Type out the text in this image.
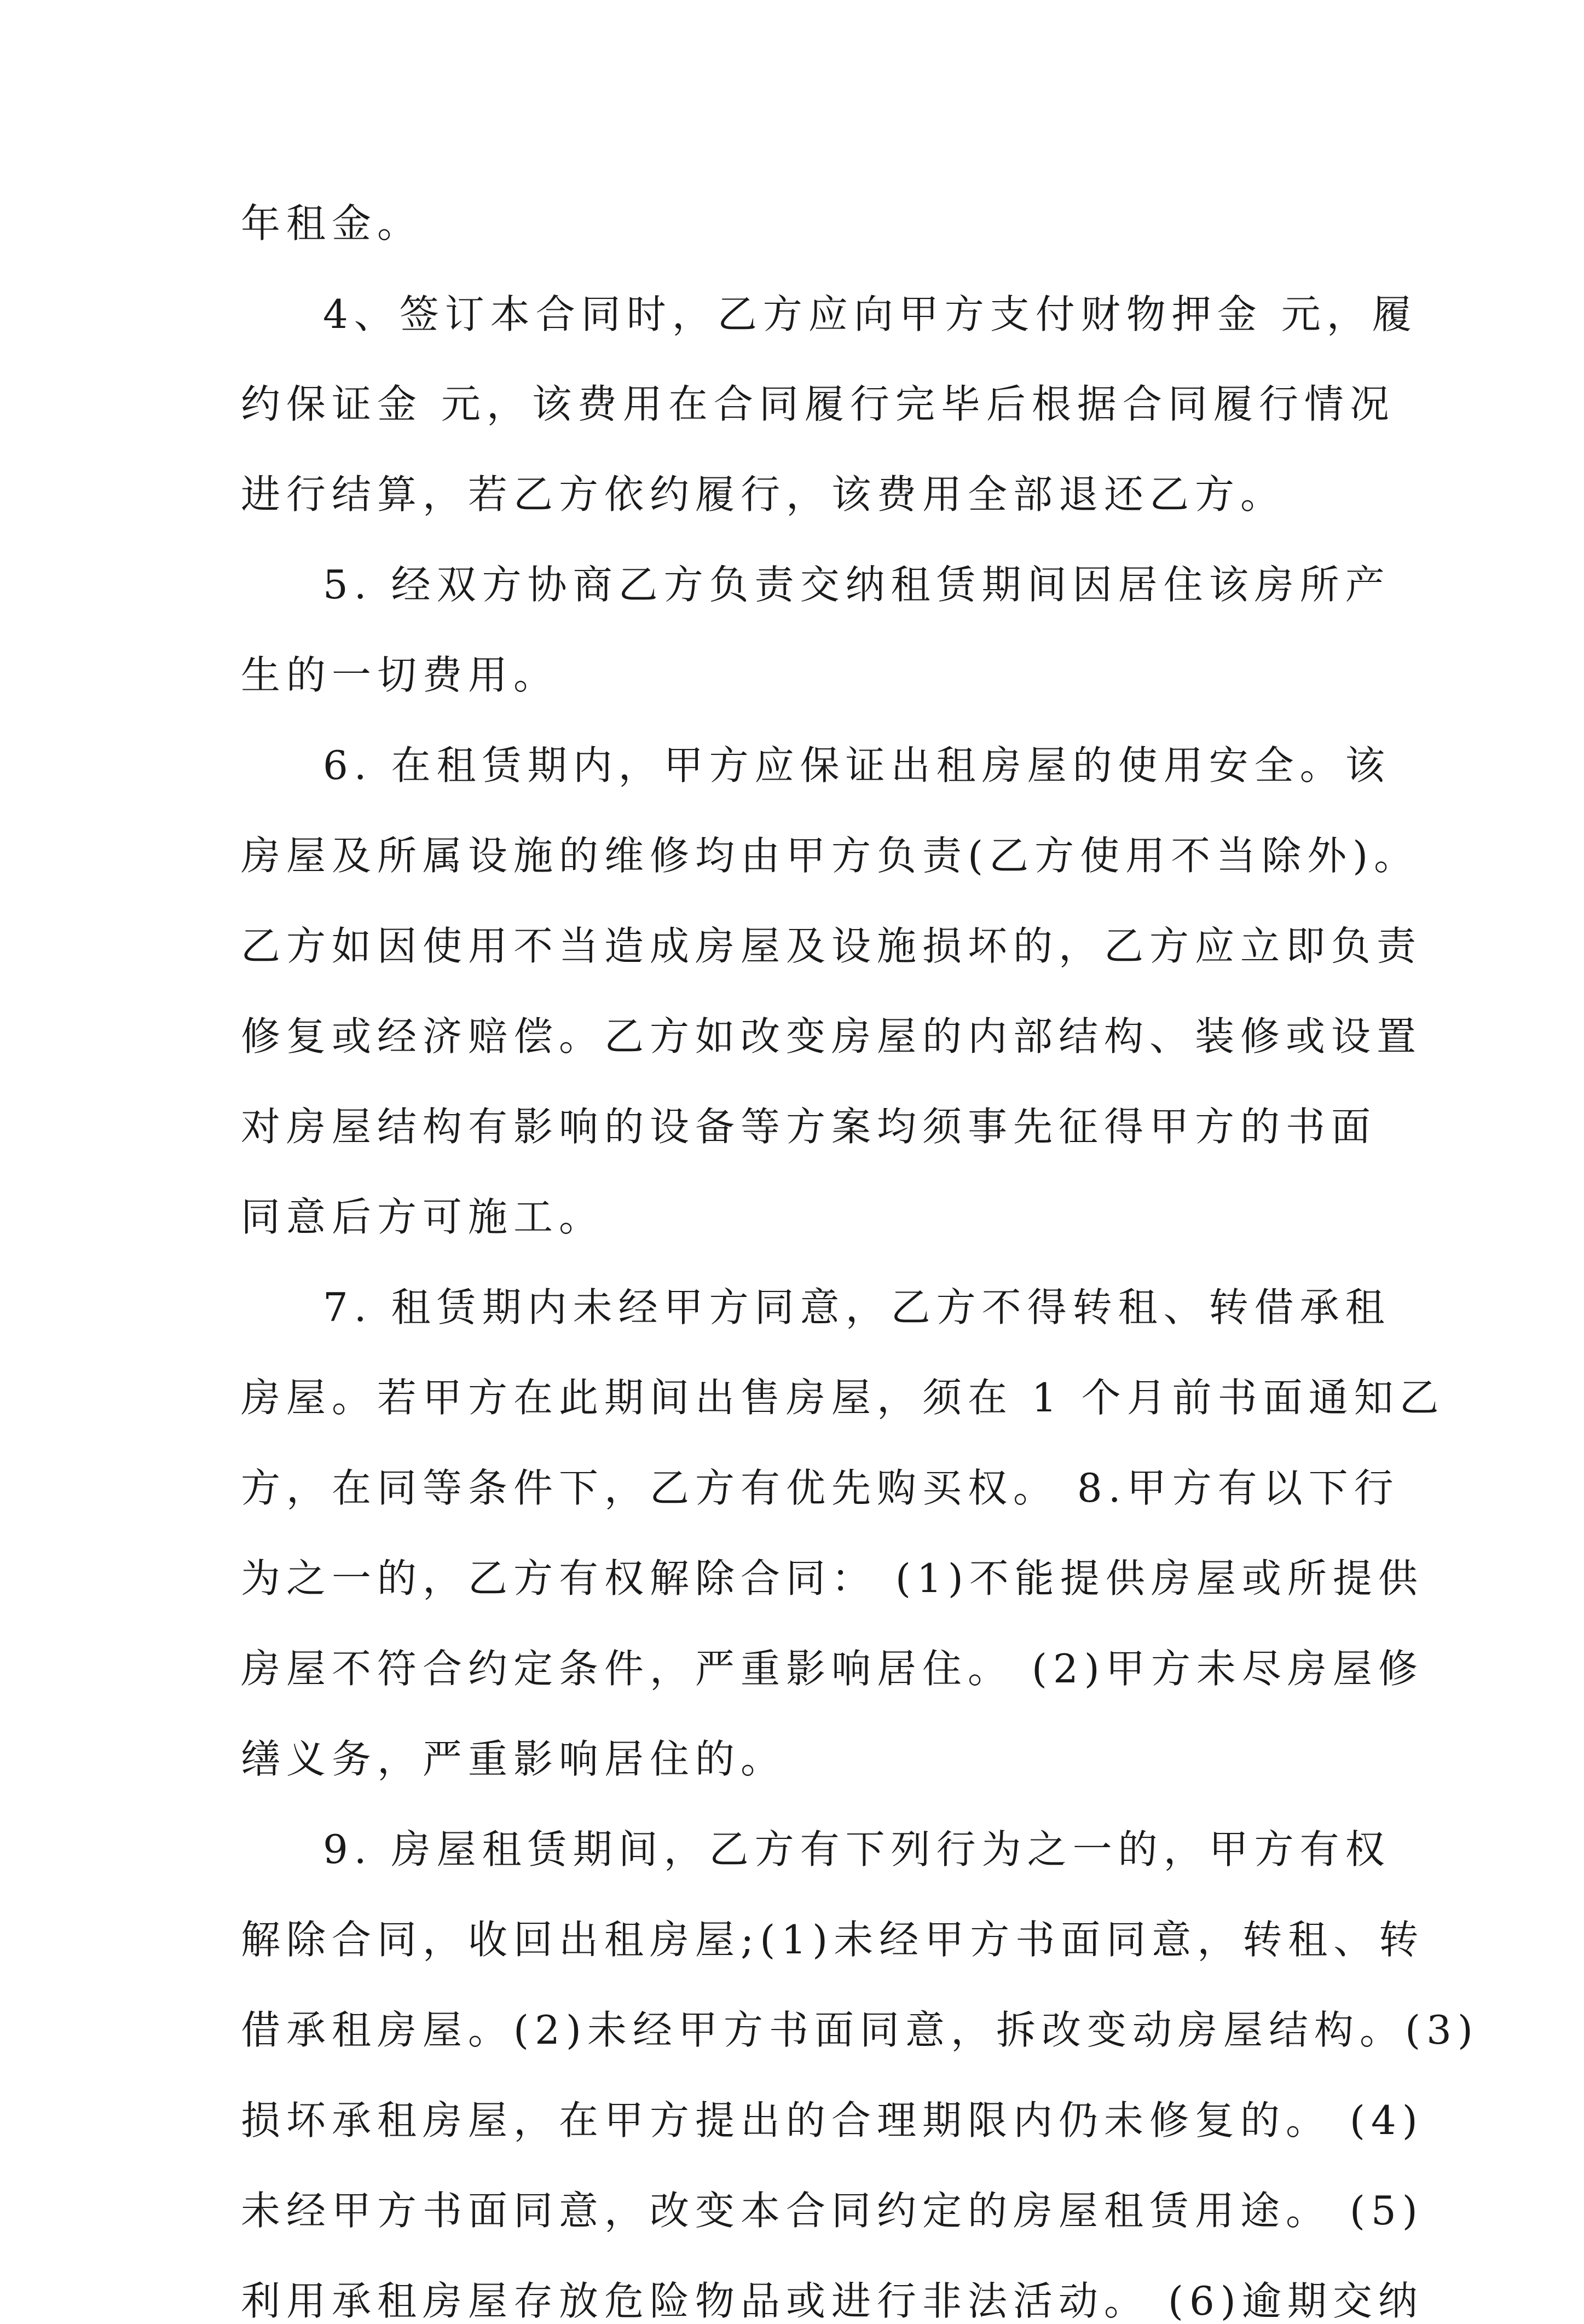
年租金。
4、签订本合同时，乙方应向甲方支付财物押金 元，履
约保证金 元，该费用在合同履行完毕后根据合同履行情况
进行结算，若乙方依约履行，该费用全部退还乙方。
5. 经双方协商乙方负责交纳租赁期间因居住该房所产
生的一切费用。
6. 在租赁期内，甲方应保证出租房屋的使用安全。该
房屋及所属设施的维修均由甲方负责(乙方使用不当除外)。
乙方如因使用不当造成房屋及设施损坏的，乙方应立即负责
修复或经济赔偿。乙方如改变房屋的内部结构、装修或设置
对房屋结构有影响的设备等方案均须事先征得甲方的书面
同意后方可施工。
7. 租赁期内未经甲方同意，乙方不得转租、转借承租
房屋。若甲方在此期间出售房屋，须在 1 个月前书面通知乙
方，在同等条件下，乙方有优先购买权。 8.甲方有以下行
为之一的，乙方有权解除合同： (1)不能提供房屋或所提供
房屋不符合约定条件，严重影响居住。 (2)甲方未尽房屋修
缮义务，严重影响居住的。
9. 房屋租赁期间，乙方有下列行为之一的，甲方有权
解除合同，收回出租房屋;(1)未经甲方书面同意，转租、转
借承租房屋。(2)未经甲方书面同意，拆改变动房屋结构。(3)
损坏承租房屋，在甲方提出的合理期限内仍未修复的。 (4)
未经甲方书面同意，改变本合同约定的房屋租赁用途。 (5)
利用承租房屋存放危险物品或进行非法活动。 (6)逾期交纳
